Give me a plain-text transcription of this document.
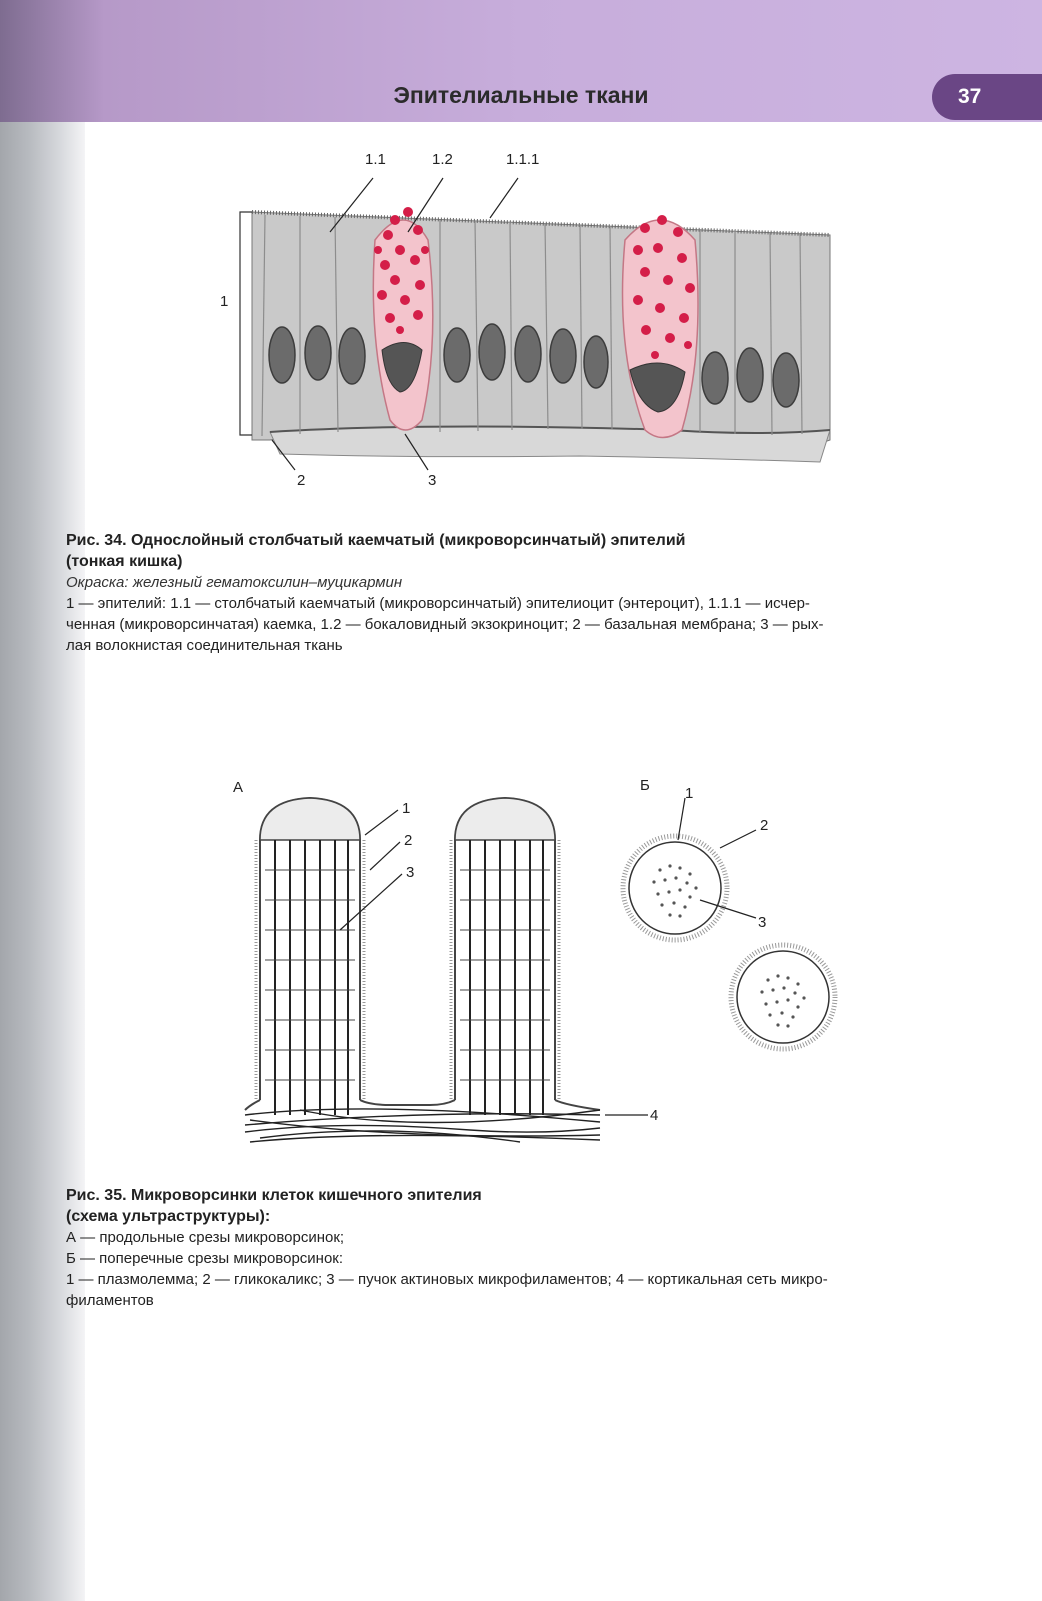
Эпителиальные ткани	37
1.1	1.2	1.1.1
1
2	3
Рис. 34. Однослойный столбчатый каемчатый (микроворсинчатый) эпителий
(тонкая кишка)
Окраска: железный гематоксилин–муцикармин
1 — эпителий: 1.1 — столбчатый каемчатый (микроворсинчатый) эпителиоцит (энтероцит), 1.1.1 — исчер-
ченная (микроворсинчатая) каемка, 1.2 — бокаловидный экзокриноцит; 2 — базальная мембрана; 3 — рых-
лая волокнистая соединительная ткань
А	Б
1
2
3
4
1
2
3
Рис. 35. Микроворсинки клеток кишечного эпителия
(схема ультраструктуры):
А — продольные срезы микроворсинок;
Б — поперечные срезы микроворсинок:
1 — плазмолемма; 2 — гликокаликс; 3 — пучок актиновых микрофиламентов; 4 — кортикальная сеть микро-
филаментов
